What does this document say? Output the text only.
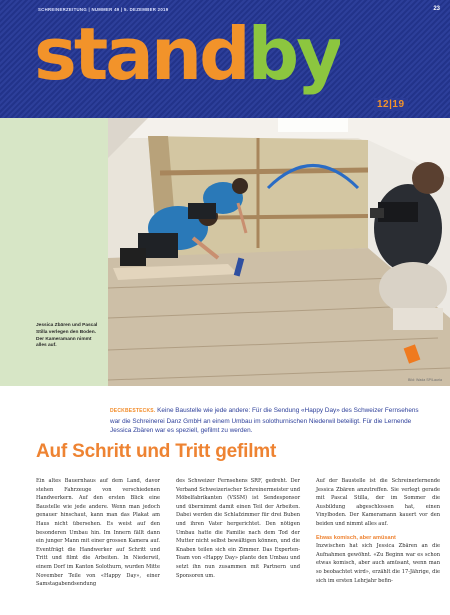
SCHREINERZEITUNG | NUMMER 49 | 5. DEZEMBER 2019	23
standby
12|19
Bild: Wada SP/Lauria
Jessica Zbären und Pascal Stilla verlegen den Boden. Der Kameramann nimmt alles auf.

DECKBESTECKS. Keine Baustelle wie jede andere: Für die Sendung «Happy Day» des Schweizer Fernsehens war die Schreinerei Danz GmbH an einem Umbau im solothurnischen Niederwil beteiligt. Für die Lernende Jessica Zbären war es speziell, gefilmt zu werden.

Auf Schritt und Tritt gefilmt

Ein altes Bauernhaus auf dem Land, davor stehen Fahrzeuge von verschiedenen Handwerkern. Auf den ersten Blick eine Baustelle wie jede andere. Wenn man jedoch genauer hinschaut, kann man das Plakat am Haus nicht übersehen. Es weist auf den besonderen Umbau hin. Im Innern fällt dann ein junger Mann mit einer grossen Kamera auf. Eventfrägt die Handwerker auf Schritt und Tritt und filmt die Arbeiten. In Niederwil, einem Dorf im Kanton Solothurn, wurden Mitte November Teile von «Happy Day», einer Samstagabendsendung

des Schweizer Fernsehens SRF, gedreht. Der Verband Schweizerischer Schreinermeister und Möbelfabrikanten (VSSM) ist Sendesponsor und übernimmt damit einen Teil der Arbeiten. Dabei werden die Schlafzimmer für drei Buben und ihren Vater hergerichtet. Den nötigen Umbau hatte die Familie nach dem Tod der Mutter nicht selbst bewältigen können, und die Knaben teilen sich ein Zimmer. Das Experten-Team von «Happy Day» plante den Umbau und setzt ihn nun zusammen mit Partnern und Sponsoren um.

Auf der Baustelle ist die Schreinerlernende Jessica Zbären anzutreffen. Sie verlegt gerade mit Pascal Stilla, der im Sommer die Ausbildung abgeschlossen hat, einen Vinylboden. Der Kameramann kauert vor den beiden und nimmt alles auf.

Etwas komisch, aber amüsant

Inzwischen hat sich Jessica Zbären an die Aufnahmen gewöhnt. «Zu Beginn war es schon etwas komisch, aber auch amüsant, wenn man so beobachtet wird», erzählt die 17-Jährige, die sich im ersten Lehrjahr befin-
